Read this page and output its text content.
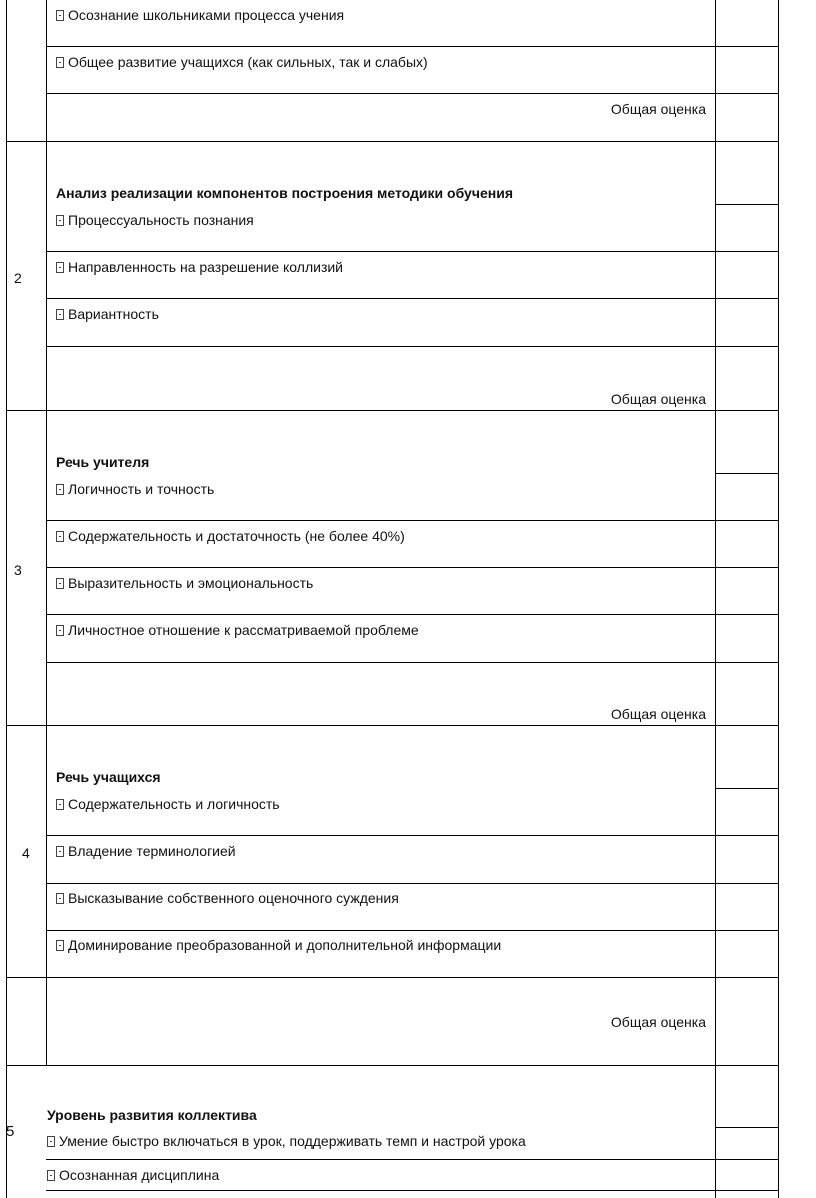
Осознание школьниками процесса учения
Общее развитие учащихся (как сильных, так и слабых)
Общая оценка
2
Анализ реализации компонентов построения методики обучения
Процессуальность познания
Направленность на разрешение коллизий
Вариантность
Общая оценка
3
Речь учителя
Логичность и точность
Содержательность и достаточность (не более 40%)
Выразительность и эмоциональность
Личностное отношение к рассматриваемой проблеме
Общая оценка
4
Речь учащихся
Содержательность и логичность
Владение терминологией
Высказывание собственного оценочного суждения
Доминирование преобразованной и дополнительной информации
Общая оценка
5
Уровень развития коллектива
Умение быстро включаться в урок, поддерживать темп и настрой урока
Осознанная дисциплина
